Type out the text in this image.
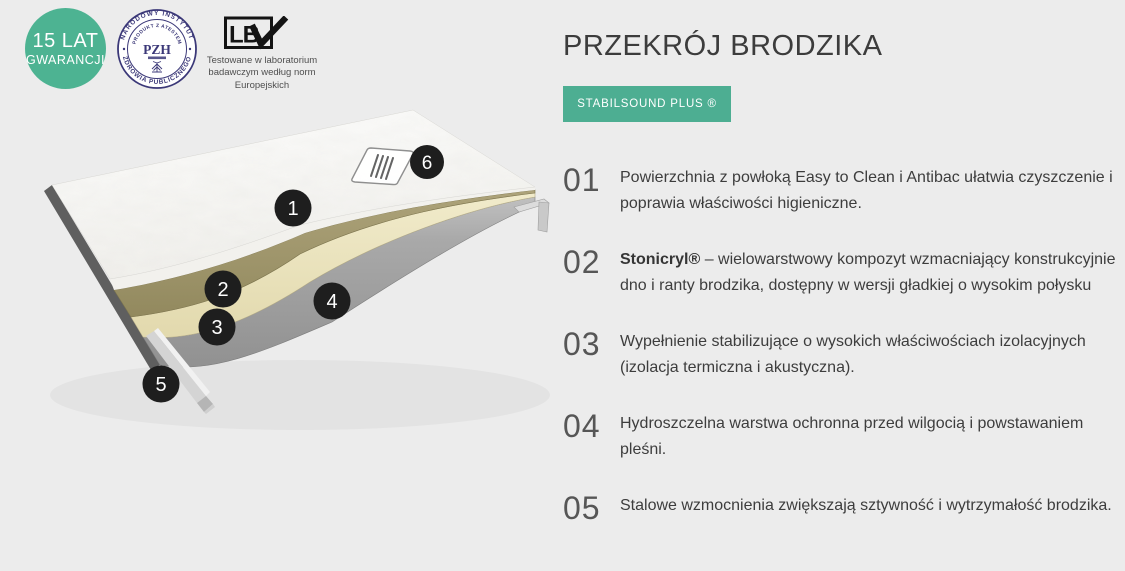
15 LAT
GWARANCJI
NARODOWY INSTYTUT
ZDROWIA PUBLICZNEGO
PRODUKT Z ATESTEM
PZH
LB
Testowane w laboratorium
badawczym według norm
Europejskich
1
2
3
4
5
6
PRZEKRÓJ BRODZIKA
STABILSOUND PLUS ®
01	Powierzchnia z powłoką Easy to Clean i Antibac ułatwia czyszczenie i poprawia właściwości higieniczne.
02	Stonicryl® – wielowarstwowy kompozyt wzmacniający konstrukcyjnie dno i ranty brodzika, dostępny w wersji gładkiej o wysokim połysku
03	Wypełnienie stabilizujące o wysokich właściwościach izolacyjnych (izolacja termiczna i akustyczna).
04	Hydroszczelna warstwa ochronna przed wilgocią i powstawaniem pleśni.
05	Stalowe wzmocnienia zwiększają sztywność i wytrzymałość brodzika.
